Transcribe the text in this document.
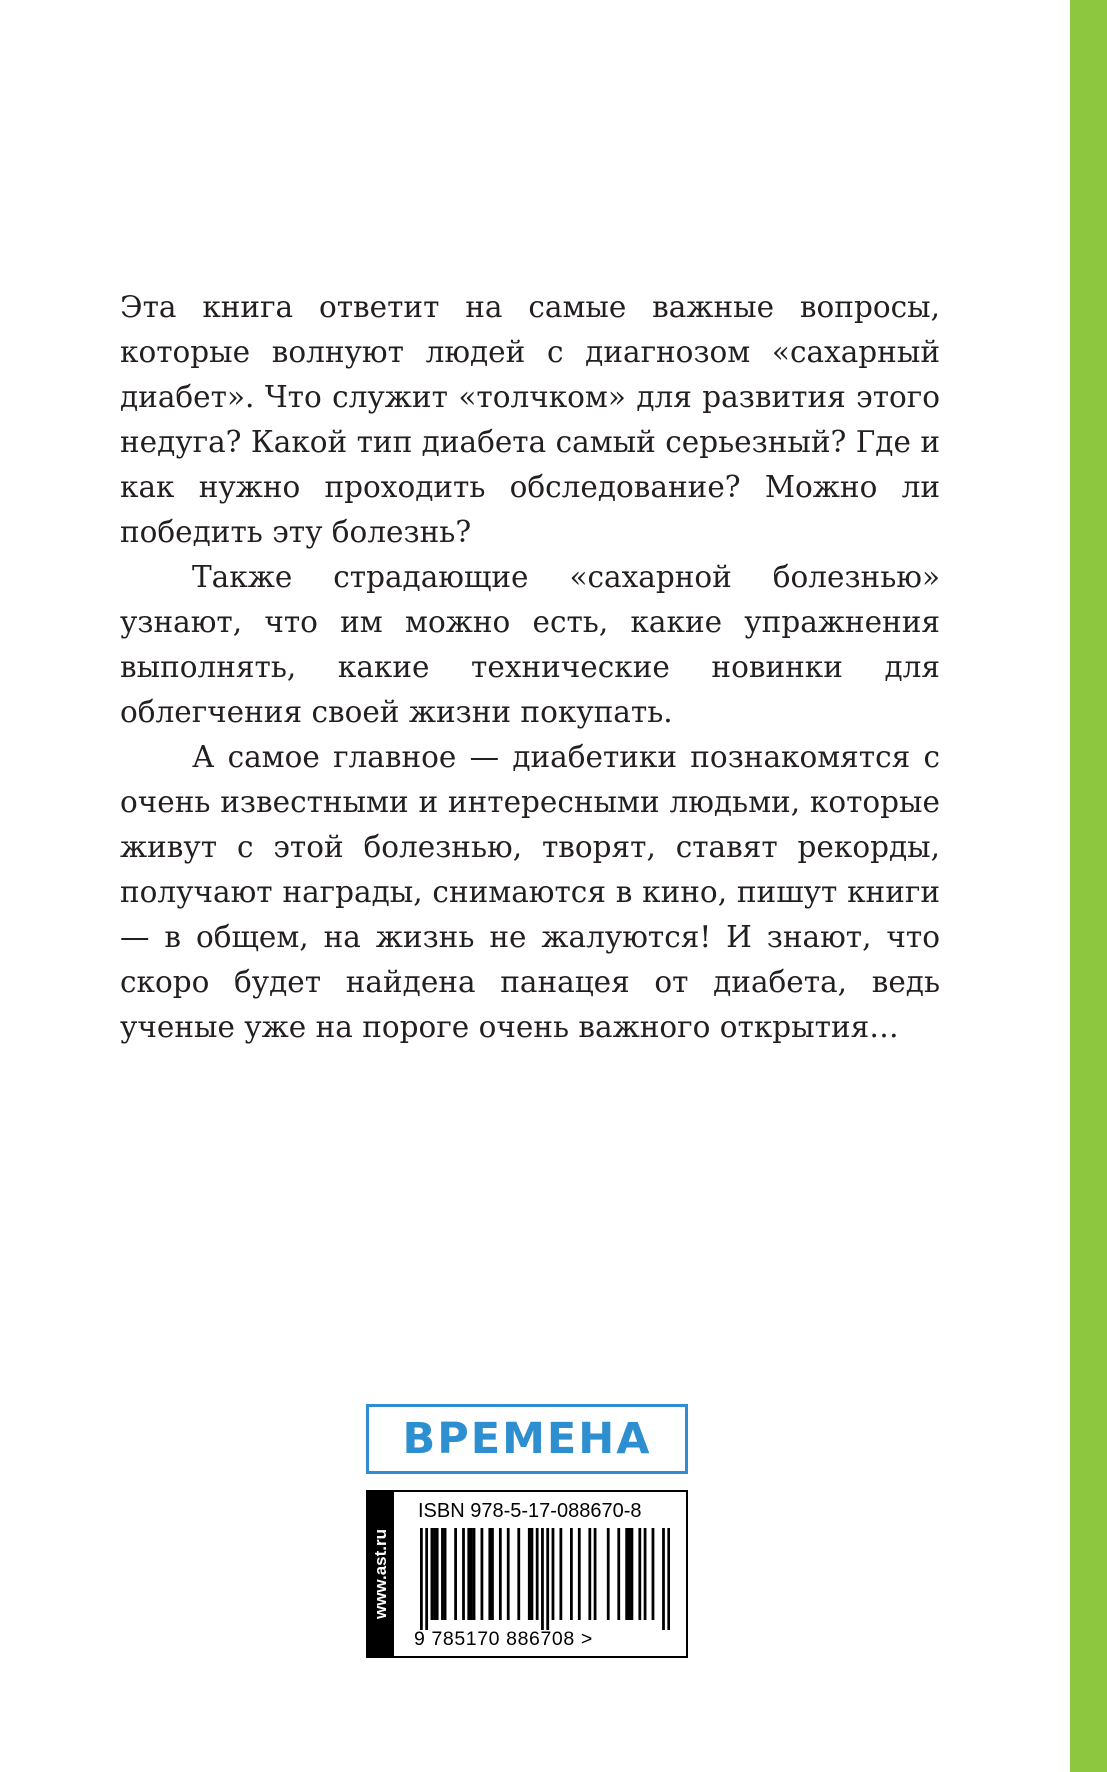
Эта книга ответит на самые важные вопросы, которые волнуют людей с диагнозом «сахарный диабет». Что служит «толчком» для развития этого недуга? Какой тип диабета самый серьезный? Где и как нужно проходить обследование? Можно ли победить эту болезнь?

Также страдающие «сахарной болезнью» узнают, что им можно есть, какие упражнения выполнять, какие технические новинки для облегчения своей жизни покупать.

А самое главное — диабетики познакомятся с очень известными и интересными людьми, которые живут с этой болезнью, творят, ставят рекорды, получают награды, снимаются в кино, пишут книги — в общем, на жизнь не жалуются! И знают, что скоро будет найдена панацея от диабета, ведь ученые уже на пороге очень важного открытия…

ВРЕМЕНА
www.ast.ru
ISBN 978-5-17-088670-8
9 785170 886708 >
